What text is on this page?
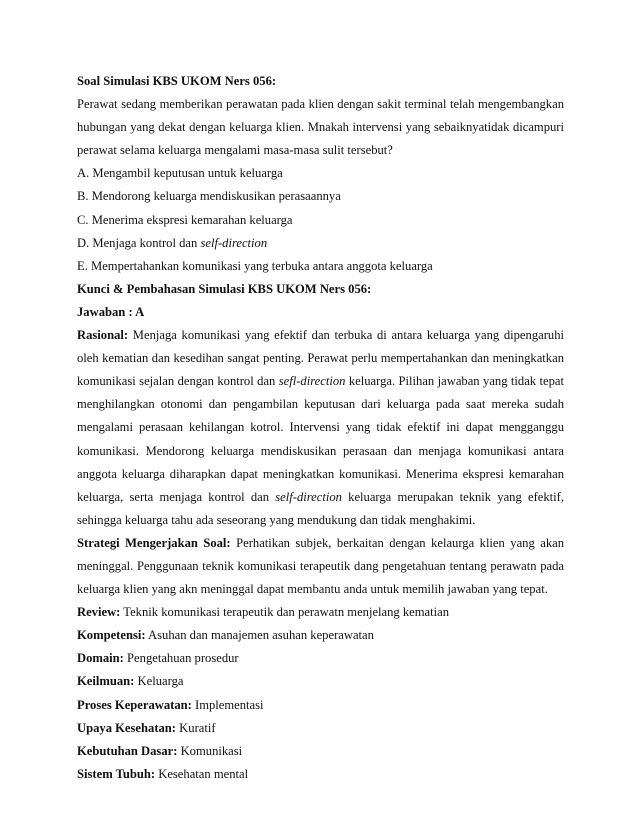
Soal Simulasi KBS UKOM Ners 056:
Perawat sedang memberikan perawatan pada klien dengan sakit terminal telah mengembangkan
hubungan yang dekat dengan keluarga klien. Mnakah intervensi yang sebaiknyatidak dicampuri
perawat selama keluarga mengalami masa-masa sulit tersebut?
A. Mengambil keputusan untuk keluarga
B. Mendorong keluarga mendiskusikan perasaannya
C. Menerima ekspresi kemarahan keluarga
D. Menjaga kontrol dan self-direction
E. Mempertahankan komunikasi yang terbuka antara anggota keluarga
Kunci & Pembahasan Simulasi KBS UKOM Ners 056:
Jawaban : A
Rasional: Menjaga komunikasi yang efektif dan terbuka di antara keluarga yang dipengaruhi
oleh kematian dan kesedihan sangat penting. Perawat perlu mempertahankan dan meningkatkan
komunikasi sejalan dengan kontrol dan sefl-direction keluarga. Pilihan jawaban yang tidak tepat
menghilangkan otonomi dan pengambilan keputusan dari keluarga pada saat mereka sudah
mengalami perasaan kehilangan kotrol. Intervensi yang tidak efektif ini dapat mengganggu
komunikasi. Mendorong keluarga mendiskusikan perasaan dan menjaga komunikasi antara
anggota keluarga diharapkan dapat meningkatkan komunikasi. Menerima ekspresi kemarahan
keluarga, serta menjaga kontrol dan self-direction keluarga merupakan teknik yang efektif,
sehingga keluarga tahu ada seseorang yang mendukung dan tidak menghakimi.
Strategi Mengerjakan Soal: Perhatikan subjek, berkaitan dengan kelaurga klien yang akan
meninggal. Penggunaan teknik komunikasi terapeutik dang pengetahuan tentang perawatn pada
keluarga klien yang akn meninggal dapat membantu anda untuk memilih jawaban yang tepat.
Review: Teknik komunikasi terapeutik dan perawatn menjelang kematian
Kompetensi: Asuhan dan manajemen asuhan keperawatan
Domain: Pengetahuan prosedur
Keilmuan: Keluarga
Proses Keperawatan: Implementasi
Upaya Kesehatan: Kuratif
Kebutuhan Dasar: Komunikasi
Sistem Tubuh: Kesehatan mental
